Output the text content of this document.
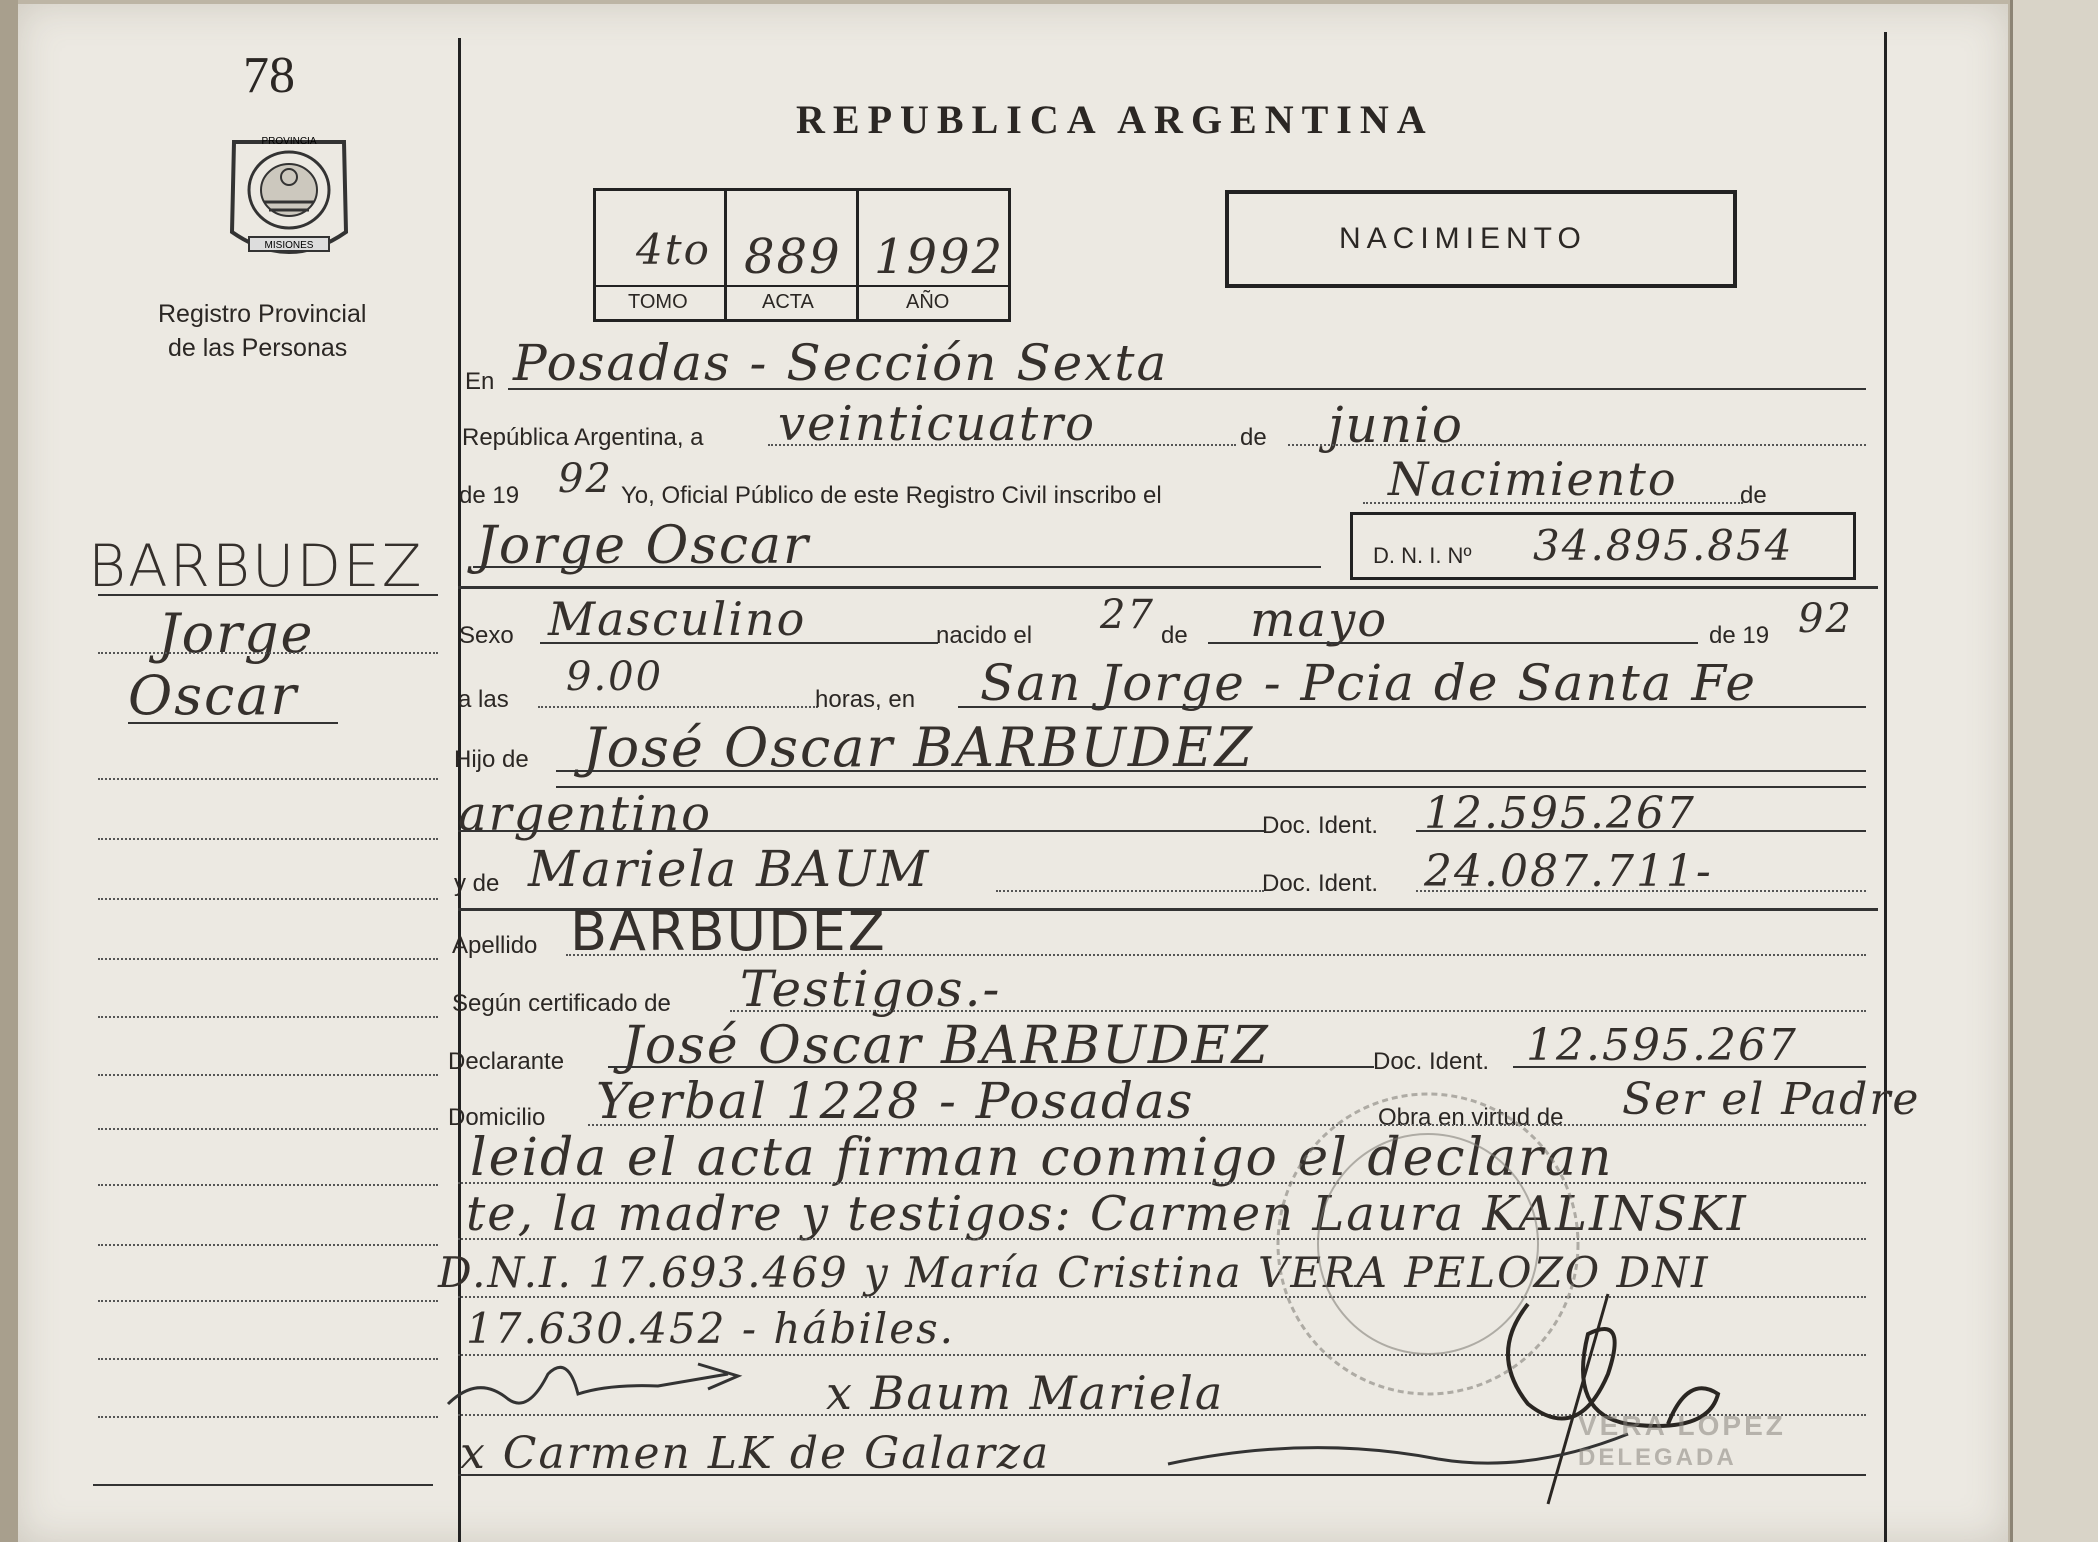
78
PROVINCIA
MISIONES
Registro Provincial
de las Personas
BARBUDEZ
Jorge
Oscar
REPUBLICA ARGENTINA
4to 889 1992
TOMO	ACTA	AÑO
NACIMIENTO
En Posadas - Sección Sexta
República Argentina, a veinticuatro	de junio
de 19 92 Yo, Oficial Público de este Registro Civil inscribo el	Nacimiento	de
Jorge Oscar	D. N. I. Nº 34.895.854
Sexo Masculino	nacido el 27 de mayo	de 19 92
a las 9.00	horas, en San Jorge - Pcia de Santa Fe
Hijo de José Oscar BARBUDEZ
argentino	Doc. Ident. 12.595.267
y de Mariela BAUM	Doc. Ident. 24.087.711-
Apellido BARBUDEZ
Según certificado de Testigos.-
Declarante José Oscar BARBUDEZ	Doc. Ident. 12.595.267
Domicilio Yerbal 1228 - Posadas	Obra en virtud de Ser el Padre
leida el acta firman conmigo el declaran
te, la madre y testigos: Carmen Laura KALINSKI
D.N.I. 17.693.469 y María Cristina VERA PELOZO DNI
17.630.452 - hábiles.
x Baum Mariela
x Carmen LK de Galarza
VERA LOPEZ
DELEGADA
